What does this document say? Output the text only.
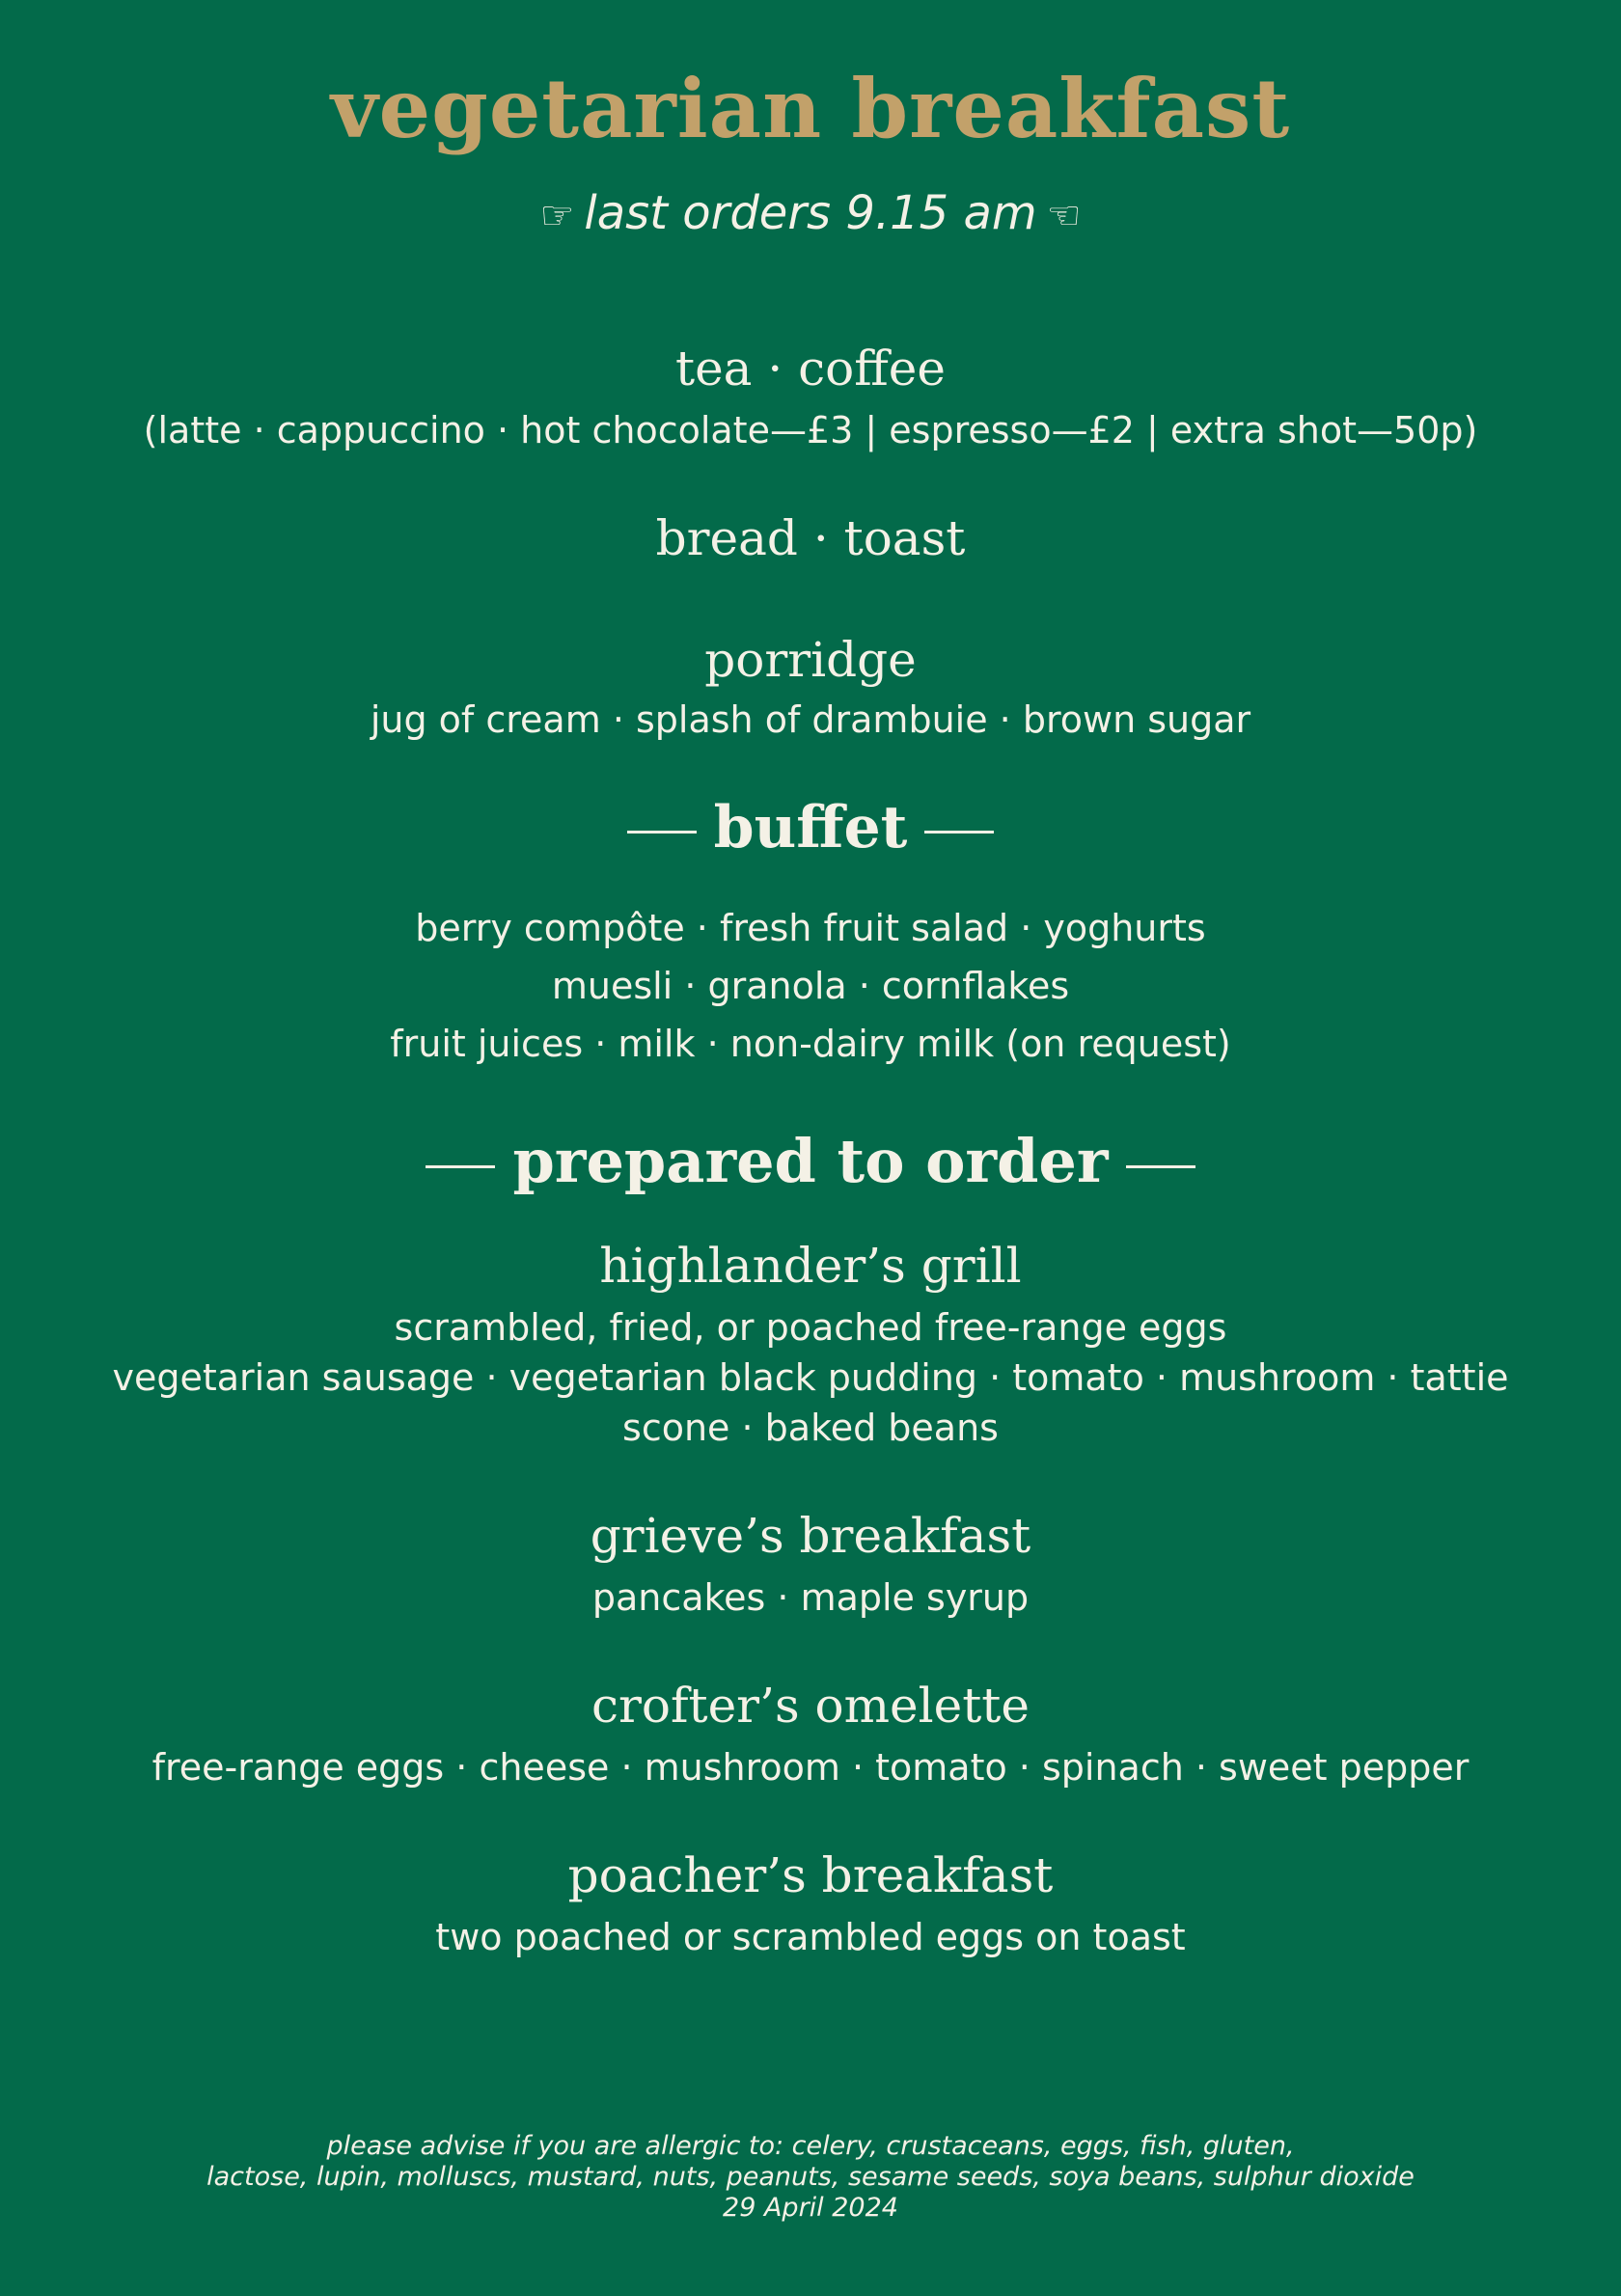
vegetarian breakfast
☞ last orders 9.15 am ☜
tea · coffee
(latte · cappuccino · hot chocolate—£3 | espresso—£2 | extra shot—50p)
bread · toast
porridge
jug of cream · splash of drambuie · brown sugar
buffet
berry compôte · fresh fruit salad · yoghurts
muesli · granola · cornflakes
fruit juices · milk · non-dairy milk (on request)
prepared to order
highlander’s grill
scrambled, fried, or poached free-range eggs
vegetarian sausage · vegetarian black pudding · tomato · mushroom · tattie
scone · baked beans
grieve’s breakfast
pancakes · maple syrup
crofter’s omelette
free-range eggs · cheese · mushroom · tomato · spinach · sweet pepper
poacher’s breakfast
two poached or scrambled eggs on toast
please advise if you are allergic to: celery, crustaceans, eggs, fish, gluten,
lactose, lupin, molluscs, mustard, nuts, peanuts, sesame seeds, soya beans, sulphur dioxide
29 April 2024
